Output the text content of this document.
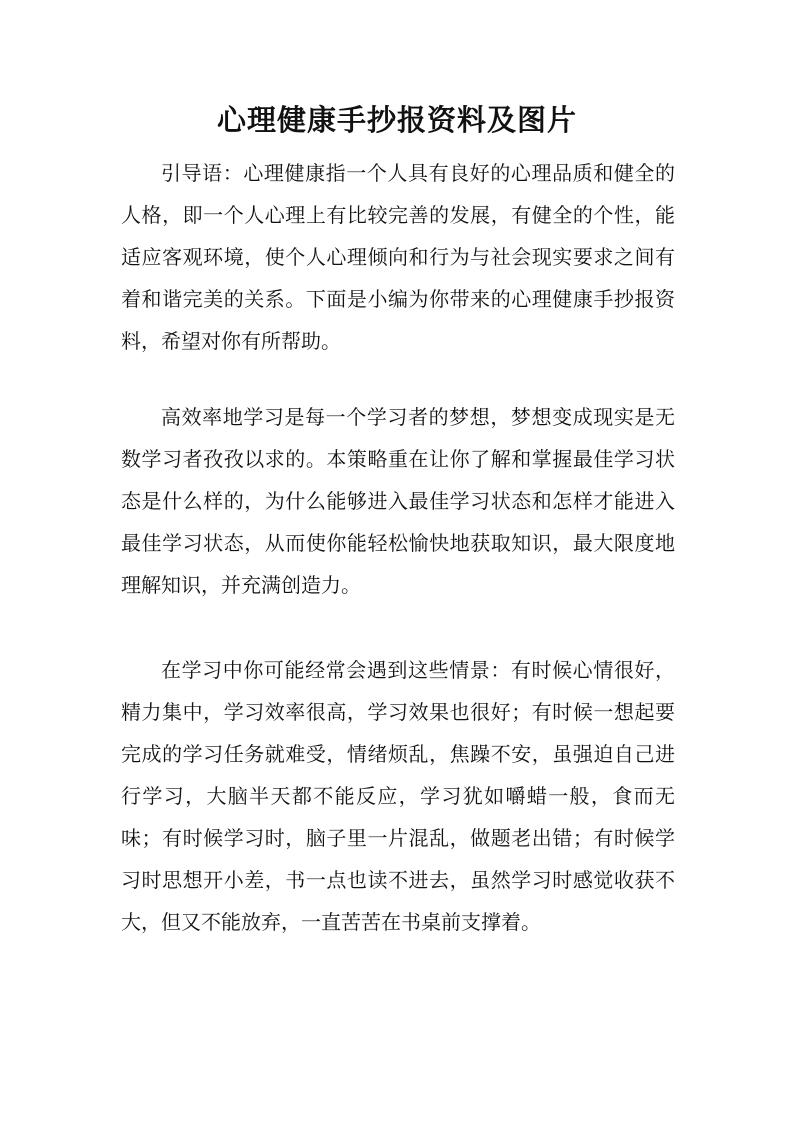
心理健康手抄报资料及图片

引导语：心理健康指一个人具有良好的心理品质和健全的人格，即一个人心理上有比较完善的发展，有健全的个性，能适应客观环境，使个人心理倾向和行为与社会现实要求之间有着和谐完美的关系。下面是小编为你带来的心理健康手抄报资料，希望对你有所帮助。

高效率地学习是每一个学习者的梦想，梦想变成现实是无数学习者孜孜以求的。本策略重在让你了解和掌握最佳学习状态是什么样的，为什么能够进入最佳学习状态和怎样才能进入最佳学习状态，从而使你能轻松愉快地获取知识，最大限度地理解知识，并充满创造力。

在学习中你可能经常会遇到这些情景：有时候心情很好，精力集中，学习效率很高，学习效果也很好；有时候一想起要完成的学习任务就难受，情绪烦乱，焦躁不安，虽强迫自己进行学习，大脑半天都不能反应，学习犹如嚼蜡一般，食而无味；有时候学习时，脑子里一片混乱，做题老出错；有时候学习时思想开小差，书一点也读不进去，虽然学习时感觉收获不大，但又不能放弃，一直苦苦在书桌前支撑着。
